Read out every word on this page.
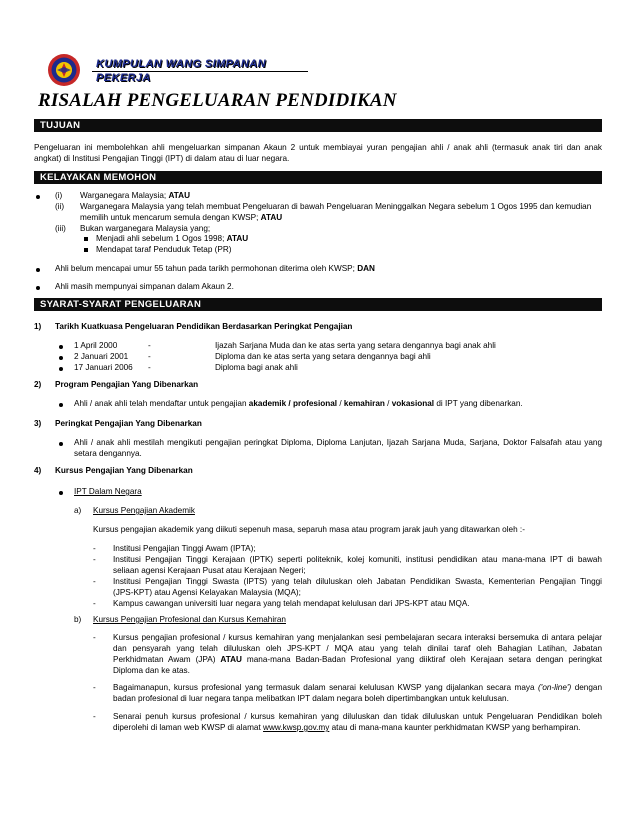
KUMPULAN WANG SIMPANAN PEKERJA
RISALAH PENGELUARAN PENDIDIKAN
TUJUAN
Pengeluaran ini membolehkan ahli mengeluarkan simpanan Akaun 2 untuk membiayai yuran pengajian ahli / anak ahli (termasuk anak tiri dan anak
angkat) di Institusi Pengajian Tinggi (IPT) di dalam atau di luar negara.
KELAYAKAN MEMOHON
(i) Warganegara Malaysia; ATAU
(ii) Warganegara Malaysia yang telah membuat Pengeluaran di bawah Pengeluaran Meninggalkan Negara sebelum 1 Ogos 1995 dan kemudian
memilih untuk mencarum semula dengan KWSP; ATAU
(iii) Bukan warganegara Malaysia yang;
Menjadi ahli sebelum 1 Ogos 1998; ATAU
Mendapat taraf Penduduk Tetap (PR)
Ahli belum mencapai umur 55 tahun pada tarikh permohonan diterima oleh KWSP; DAN
Ahli masih mempunyai simpanan dalam Akaun 2.
SYARAT-SYARAT PENGELUARAN
1) Tarikh Kuatkuasa Pengeluaran Pendidikan Berdasarkan Peringkat Pengajian
1 April 2000	-	Ijazah Sarjana Muda dan ke atas serta yang setara dengannya bagi anak ahli
2 Januari 2001 -	Diploma dan ke atas serta yang setara dengannya bagi ahli
17 Januari 2006 -	Diploma bagi anak ahli
2) Program Pengajian Yang Dibenarkan
Ahli / anak ahli telah mendaftar untuk pengajian akademik / profesional / kemahiran / vokasional di IPT yang dibenarkan.
3) Peringkat Pengajian Yang Dibenarkan
Ahli / anak ahli mestilah mengikuti pengajian peringkat Diploma, Diploma Lanjutan, Ijazah Sarjana Muda, Sarjana, Doktor Falsafah atau yang
setara dengannya.
4) Kursus Pengajian Yang Dibenarkan
IPT Dalam Negara
a) Kursus Pengajian Akademik
Kursus pengajian akademik yang diikuti sepenuh masa, separuh masa atau program jarak jauh yang ditawarkan oleh :-
- Institusi Pengajian Tinggi Awam (IPTA);
- Institusi Pengajian Tinggi Kerajaan (IPTK) seperti politeknik, kolej komuniti, institusi pendidikan atau mana-mana IPT di bawah
seliaan agensi Kerajaan Pusat atau Kerajaan Negeri;
- Institusi Pengajian Tinggi Swasta (IPTS) yang telah diluluskan oleh Jabatan Pendidikan Swasta, Kementerian Pengajian Tinggi
(JPS-KPT) atau Agensi Kelayakan Malaysia (MQA);
- Kampus cawangan universiti luar negara yang telah mendapat kelulusan dari JPS-KPT atau MQA.
b) Kursus Pengajian Profesional dan Kursus Kemahiran
- Kursus pengajian profesional / kursus kemahiran yang menjalankan sesi pembelajaran secara interaksi bersemuka di antara pelajar
dan pensyarah yang telah diluluskan oleh JPS-KPT / MQA atau yang telah dinilai taraf oleh Bahagian Latihan, Jabatan
Perkhidmatan Awam (JPA) ATAU mana-mana Badan-Badan Profesional yang diiktiraf oleh Kerajaan setara dengan peringkat
Diploma dan ke atas.
- Bagaimanapun, kursus profesional yang termasuk dalam senarai kelulusan KWSP yang dijalankan secara maya ('on-line') dengan
badan profesional di luar negara tanpa melibatkan IPT dalam negara boleh dipertimbangkan untuk kelulusan.
- Senarai penuh kursus profesional / kursus kemahiran yang diluluskan dan tidak diluluskan untuk Pengeluaran Pendidikan boleh
diperolehi di laman web KWSP di alamat www.kwsp.gov.my atau di mana-mana kaunter perkhidmatan KWSP yang berhampiran.
